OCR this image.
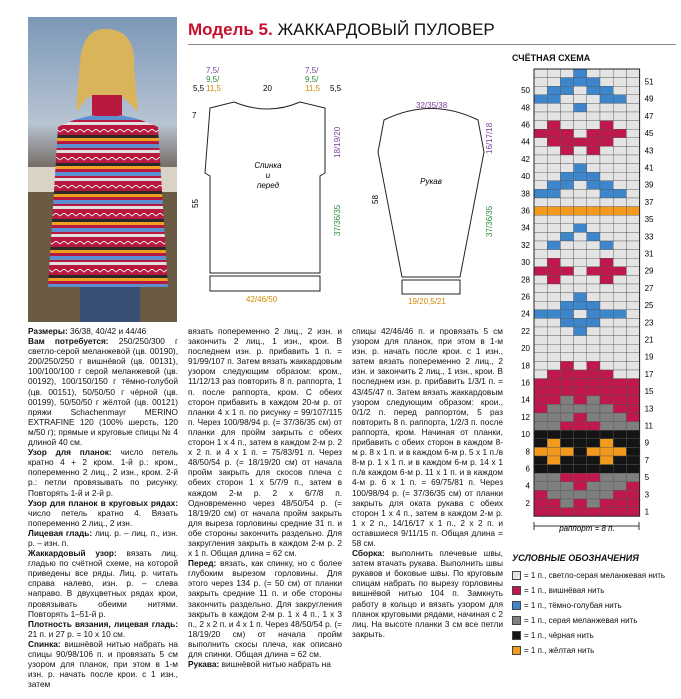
Модель 5. ЖАККАРДОВЫЙ ПУЛОВЕР
7,5/
9,5/
11,5
5,5	20
7,5/
9,5/
11,5 5,5
7
Спинка
и
перед
55
18/19/20
37/36/35
42/46/50
32/35/38
Рукав
58
16/17/18
37/36/35
19/20,5/21
СЧЁТНАЯ СХЕМА
2
4
6
8
10
12
14
16
18
20
22
24
26
28
30
32
34
36
38
40
42
44
46
48
50
1
3
5
7
9
11
13
15
17
19
21
23
25
27
29
31
33
35
37
39
41
43
45
47
49
51
раппорт = 8 п.
УСЛОВНЫЕ ОБОЗНАЧЕНИЯ
= 1 п., светло-серая меланжевая нить
= 1 п., вишнёвая нить
= 1 п., тёмно-голубая нить
= 1 п., серая меланжевая нить
= 1 п., чёрная нить
= 1 п., жёлтая нить

Размеры: 36/38, 40/42 и 44/46

Вам потребуется: 250/250/300 г светло-серой меланжевой (цв. 00190), 200/250/250 г вишнёвой (цв. 00131), 100/100/100 г серой меланжевой (цв. 00192), 100/150/150 г тёмно-голубой (цв. 00151), 50/50/50 г чёрной (цв. 00199), 50/50/50 г жёлтой (цв. 00121) пряжи Schachenmayr MERINO EXTRAFINE 120 (100% шерсть, 120 м/50 г); прямые и круговые спицы № 4 длиной 40 см.

Узор для планок: число петель кратно 4 + 2 кром. 1-й р.: кром., попеременно 2 лиц., 2 изн., кром. 2-й р.: петли провязывать по рисунку. Повторять 1-й и 2-й р.

Узор для планок в круговых рядах: число петель кратно 4. Вязать попеременно 2 лиц., 2 изн.

Лицевая гладь: лиц. р. – лиц. п., изн. р. – изн. п.

Жаккардовый узор: вязать лиц. гладью по счётной схеме, на которой приведены все ряды. Лиц. р. читать справа налево, изн. р. – слева направо. В двухцветных рядах крои, провязывать обеими нитями. Повторять 1–51-й р.

Плотность вязания, лицевая гладь: 21 п. и 27 р. = 10 х 10 см.

Спинка: вишнёвой нитью набрать на спицы 90/98/106 п. и провязать 5 см узором для планок, при этом в 1-м изн. р. начать после крои. с 1 изн., затем

вязать попеременно 2 лиц., 2 изн. и закончить 2 лиц., 1 изн., крои. В последнем изн. р. прибавить 1 п. = 91/99/107 п. Затем вязать жаккардовым узором следующим образом: кром., 11/12/13 раз повторить 8 п. раппорта, 1 п. после раппорта, кром. С обеих сторон прибавить в каждом 20-м р. от планки 4 х 1 п. по рисунку = 99/107/115 п. Через 100/98/94 р. (= 37/36/35 см) от планки для пройм закрыть с обеих сторон 1 х 4 п., затем в каждом 2-м р. 2 х 2 п. и 4 х 1 п. = 75/83/91 п. Через 48/50/54 р. (= 18/19/20 см) от начала пройм закрыть для скосов плеча с обеих сторон 1 х 5/7/9 п., затем в каждом 2-м р. 2 х 6/7/8 п. Одновременно через 48/50/54 р. (= 18/19/20 см) от начала пройм закрыть для выреза горловины средние 31 п. и обе стороны закончить раздельно. Для закругления закрыть в каждом 2-м р. 2 х 1 п. Общая длина = 62 см.

Перед: вязать, как спинку, но с более глубоким вырезом горловины. Для этого через 134 р. (= 50 см) от планки закрыть средние 11 п. и обе стороны закончить раздельно. Для закругления закрыть в каждом 2-м р. 1 х 4 п., 1 х 3 п., 2 х 2 п. и 4 х 1 п. Через 48/50/54 р. (= 18/19/20 см) от начала пройм выполнить скосы плеча, как описано для спинки. Общая длина = 62 см.

Рукава: вишнёвой нитью набрать на

спицы 42/46/46 п. и провязать 5 см узором для планок, при этом в 1-м изн. р. начать после крои. с 1 изн., затем вязать попеременно 2 лиц., 2 изн. и закончить 2 лиц., 1 изн., крои. В последнем изн. р. прибавить 1/3/1 п. = 43/45/47 п. Затем вязать жаккардовым узором следующим образом: крои., 0/1/2 п. перед раппортом, 5 раз повторить 8 п. раппорта, 1/2/3 п. после раппорта, кром. Начиная от планки, прибавить с обеих сторон в каждом 8-м р. 8 х 1 п. и в каждом 6-м р. 5 х 1 п./в 8-м р. 1 х 1 п. и в каждом 6-м р. 14 х 1 п./в каждом 6-м р. 11 х 1 п. и в каждом 4-м р. 6 х 1 п. = 69/75/81 п. Через 100/98/94 р. (= 37/36/35 см) от планки закрыть для оката рукава с обеих сторон 1 х 4 п., затем в каждом 2-м р. 1 х 2 п., 14/16/17 х 1 п., 2 х 2 п. и оставшиеся 9/11/15 п. Общая длина = 58 см.

Сборка: выполнить плечевые швы, затем втачать рукава. Выполнить швы рукавов и боковые швы. По круговым спицам набрать по вырезу горловины вишнёвой нитью 104 п. Замкнуть работу в кольцо и вязать узором для планок круговыми рядами, начиная с 2 лиц. На высоте планки 3 см все петли закрыть.
